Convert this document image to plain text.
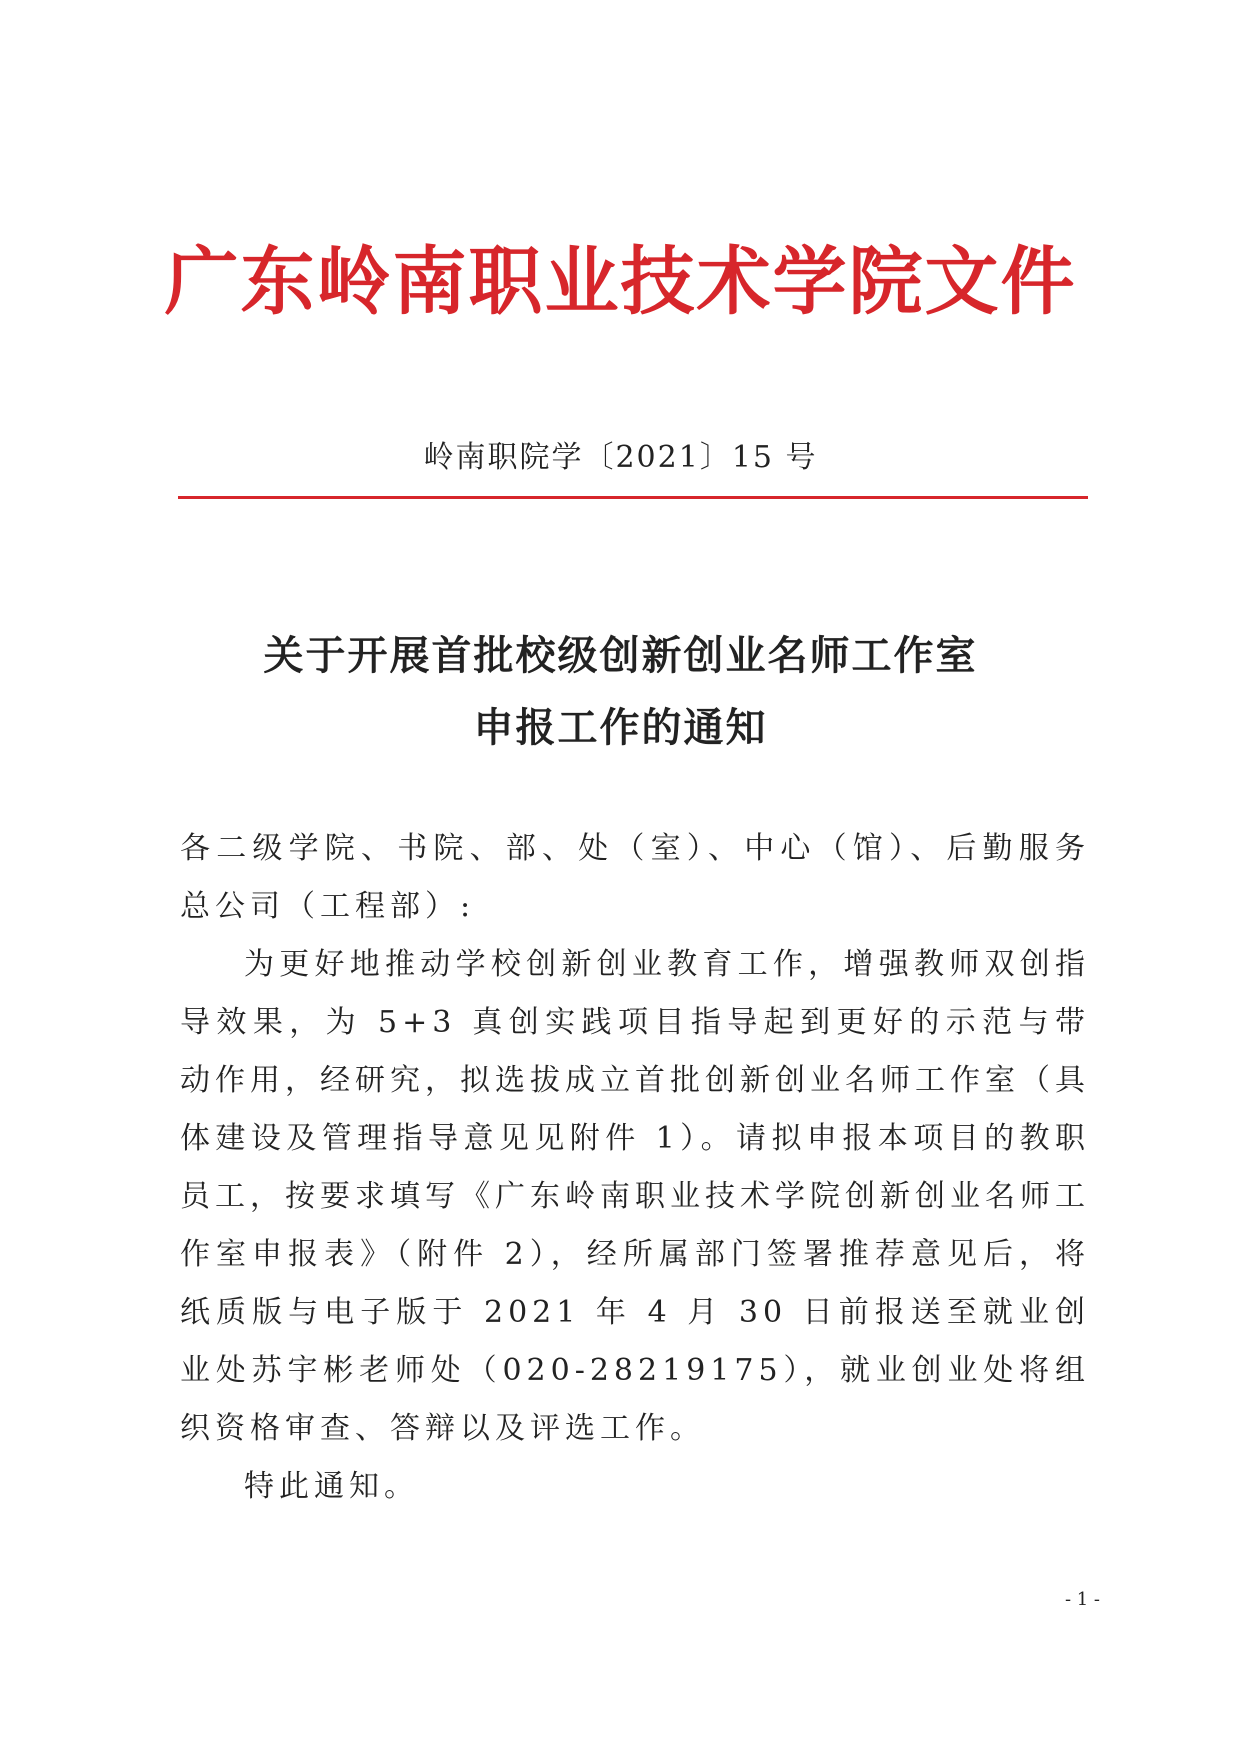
广东岭南职业技术学院文件
岭南职院学〔2021〕15 号
关于开展首批校级创新创业名师工作室
申报工作的通知

各二级学院、书院、部、处（室）、中心（馆）、后勤服务总公司（工程部）:

为更好地推动学校创新创业教育工作，增强教师双创指导效果，为 5+3 真创实践项目指导起到更好的示范与带动作用，经研究，拟选拔成立首批创新创业名师工作室（具体建设及管理指导意见见附件 1）。请拟申报本项目的教职员工，按要求填写《广东岭南职业技术学院创新创业名师工作室申报表》（附件 2），经所属部门签署推荐意见后，将纸质版与电子版于 2021 年 4 月 30 日前报送至就业创业处苏宇彬老师处（020-28219175），就业创业处将组织资格审查、答辩以及评选工作。

特此通知。

- 1 -
